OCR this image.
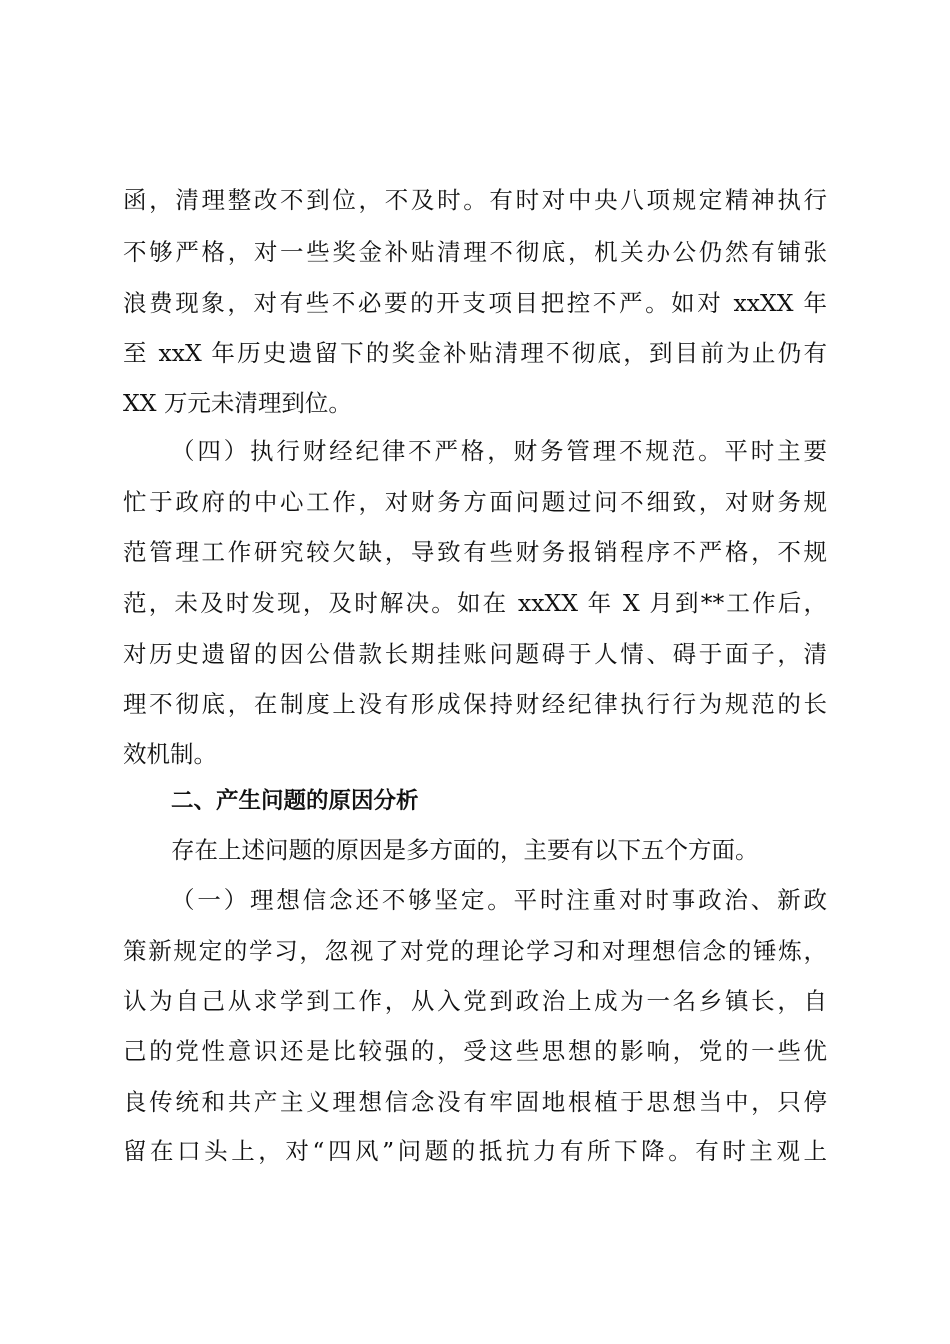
函，清理整改不到位，不及时。有时对中央八项规定精神执行
不够严格，对一些奖金补贴清理不彻底，机关办公仍然有铺张
浪费现象，对有些不必要的开支项目把控不严。如对 xxXX 年
至 xxX 年历史遗留下的奖金补贴清理不彻底，到目前为止仍有
XX 万元未清理到位。
（四）执行财经纪律不严格，财务管理不规范。平时主要
忙于政府的中心工作，对财务方面问题过问不细致，对财务规
范管理工作研究较欠缺，导致有些财务报销程序不严格，不规
范，未及时发现，及时解决。如在 xxXX 年 X 月到**工作后，
对历史遗留的因公借款长期挂账问题碍于人情、碍于面子，清
理不彻底，在制度上没有形成保持财经纪律执行行为规范的长
效机制。
二、产生问题的原因分析
存在上述问题的原因是多方面的，主要有以下五个方面。
（一）理想信念还不够坚定。平时注重对时事政治、新政
策新规定的学习，忽视了对党的理论学习和对理想信念的锤炼，
认为自己从求学到工作，从入党到政治上成为一名乡镇长，自
己的党性意识还是比较强的，受这些思想的影响，党的一些优
良传统和共产主义理想信念没有牢固地根植于思想当中，只停
留在口头上，对“四风”问题的抵抗力有所下降。有时主观上
